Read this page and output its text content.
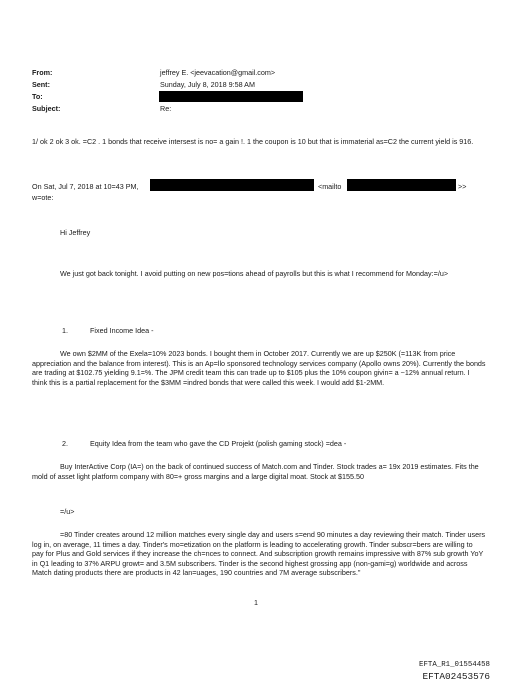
From:	jeffrey E. <jeevacation@gmail.com>
Sent:	Sunday, July 8, 2018 9:58 AM
To:
Subject:	Re:

1/ ok 2 ok 3 ok. =C2 . 1 bonds that receive intersest is no= a gain !. 1 the coupon is 10 but that is immaterial as=C2 the current yield is 916.

On Sat, Jul 7, 2018 at 10=43 PM,	<mailto	>>
w=ote:
Hi Jeffrey

We just got back tonight. I avoid putting on new pos=tions ahead of payrolls but this is what I recommend for Monday:=/u>

1.	Fixed Income Idea -

We own $2MM of the Exela=10% 2023 bonds. I bought them in October 2017. Currently we are up $250K (=113K from price appreciation and the balance from interest). This is an Ap=llo sponsored technology services company (Apollo owns 20%). Currently the bonds are trading at $102.75 yielding 9.1=%. The JPM credit team this can trade up to $105 plus the 10% coupon givin= a ~12% annual return. I think this is a partial replacement for the $3MM =indred bonds that were called this week. I would add $1-2MM.

2.	Equity Idea from the team who gave the CD Projekt (polish gaming stock) =dea -

Buy InterActive Corp (IA=) on the back of continued success of Match.com and Tinder. Stock trades a= 19x 2019 estimates. Fits the mold of asset light platform company with 80=+ gross margins and a large digital moat. Stock at $155.50

=/u>

=80 Tinder creates around 12 million matches every single day and users s=end 90 minutes a day reviewing their match. Tinder users log in, on average, 11 times a day. Tinder's mo=etization on the platform is leading to accelerating growth. Tinder subscr=bers are willing to pay for Plus and Gold services if they increase the ch=nces to connect. And subscription growth remains impressive with 87% sub growth YoY in Q1 leading to 37% ARPU growt= and 3.5M subscribers. Tinder is the second highest grossing app (non-gami=g) worldwide and across Match dating products there are products in 42 lan=uages, 190 countries and 7M average subscribers."

1
EFTA_R1_01554458
EFTA02453576
